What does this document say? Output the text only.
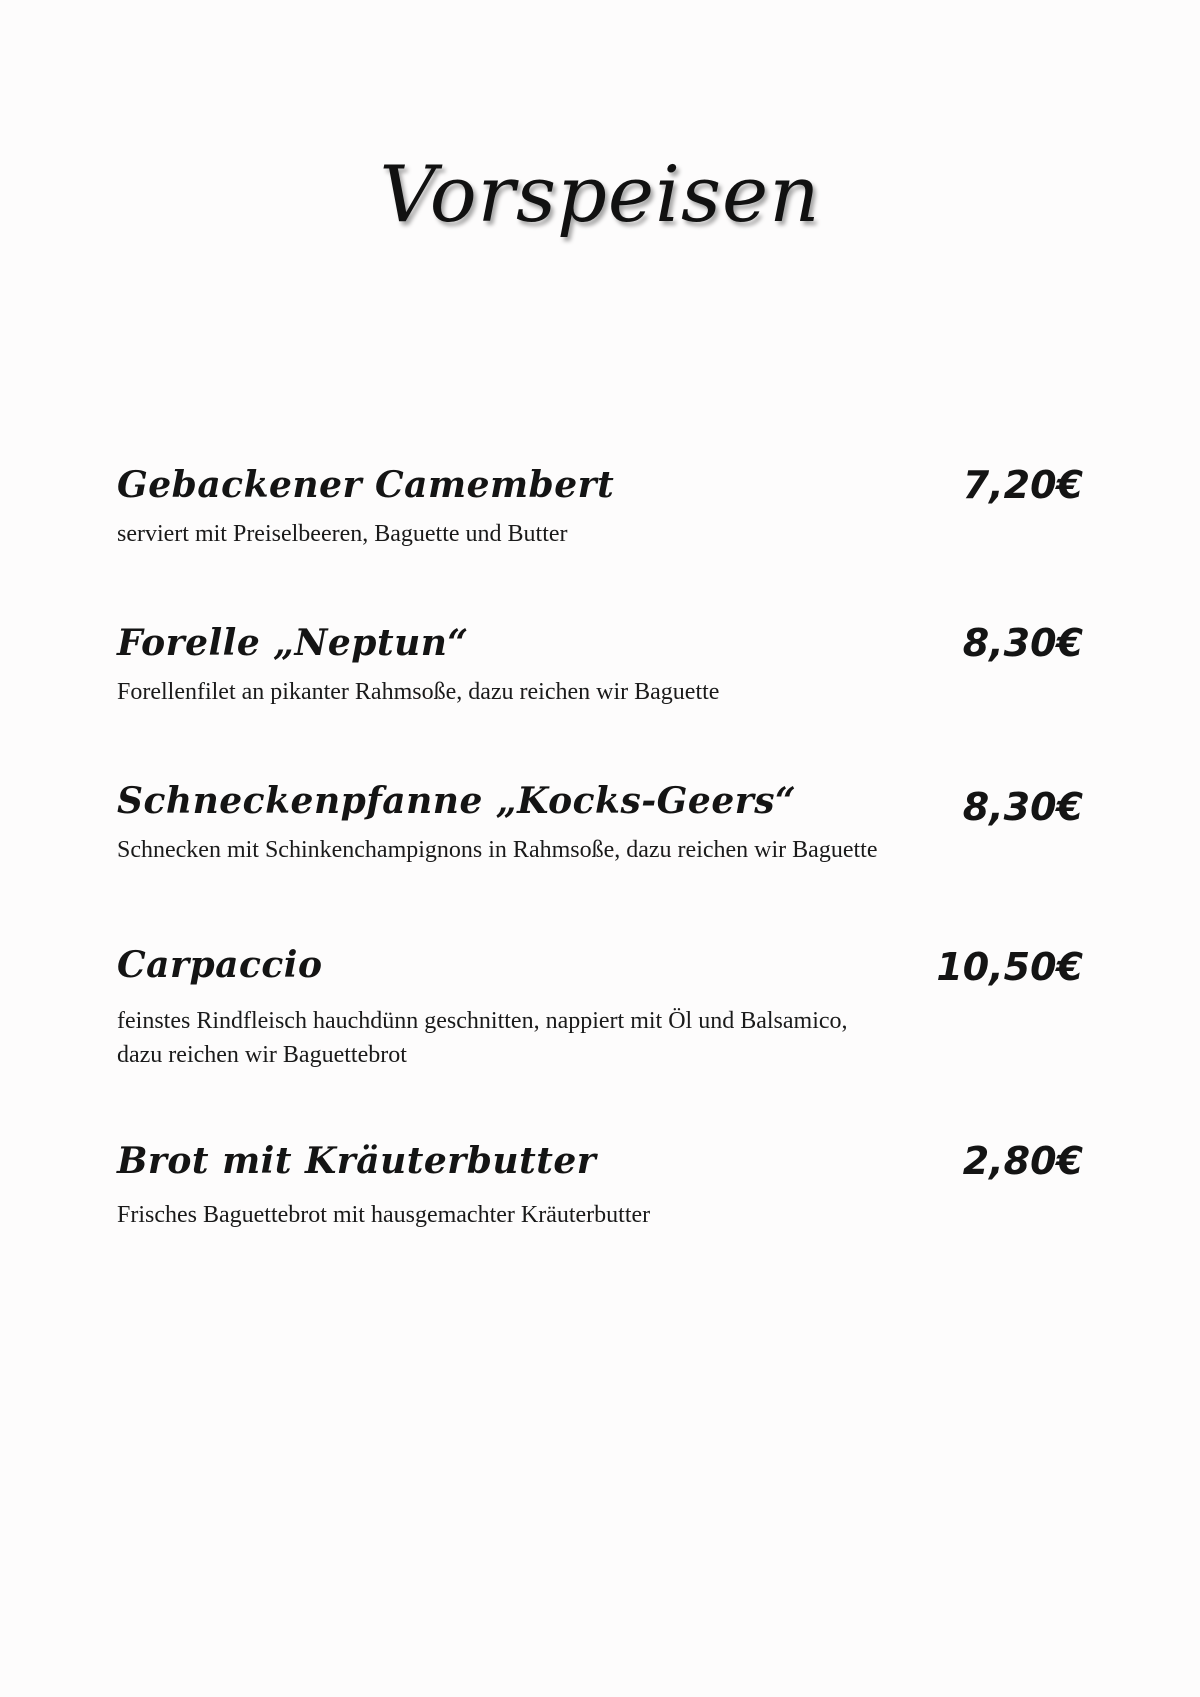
Vorspeisen
Gebackener Camembert	7,20€
serviert mit Preiselbeeren, Baguette und Butter
Forelle „Neptun“	8,30€
Forellenfilet an pikanter Rahmsoße, dazu reichen wir Baguette
Schneckenpfanne „Kocks-Geers“	8,30€
Schnecken mit Schinkenchampignons in Rahmsoße, dazu reichen wir Baguette
Carpaccio	10,50€
feinstes Rindfleisch hauchdünn geschnitten, nappiert mit Öl und Balsamico,
dazu reichen wir Baguettebrot
Brot mit Kräuterbutter	2,80€
Frisches Baguettebrot mit hausgemachter Kräuterbutter
